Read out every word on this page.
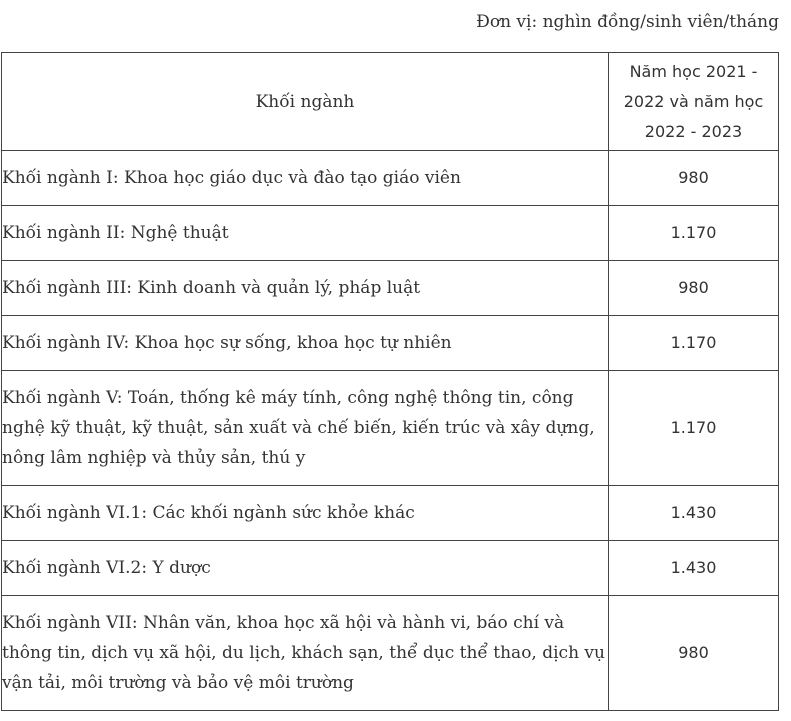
Đơn vị: nghìn đồng/sinh viên/tháng
Khối ngành	Năm học 2021 - 2022 và năm học 2022 - 2023
Khối ngành I: Khoa học giáo dục và đào tạo giáo viên	980
Khối ngành II: Nghệ thuật	1.170
Khối ngành III: Kinh doanh và quản lý, pháp luật	980
Khối ngành IV: Khoa học sự sống, khoa học tự nhiên	1.170
Khối ngành V: Toán, thống kê máy tính, công nghệ thông tin, công nghệ kỹ thuật, kỹ thuật, sản xuất và chế biến, kiến trúc và xây dựng, nông lâm nghiệp và thủy sản, thú y	1.170
Khối ngành VI.1: Các khối ngành sức khỏe khác	1.430
Khối ngành VI.2: Y dược	1.430
Khối ngành VII: Nhân văn, khoa học xã hội và hành vi, báo chí và thông tin, dịch vụ xã hội, du lịch, khách sạn, thể dục thể thao, dịch vụ vận tải, môi trường và bảo vệ môi trường	980
